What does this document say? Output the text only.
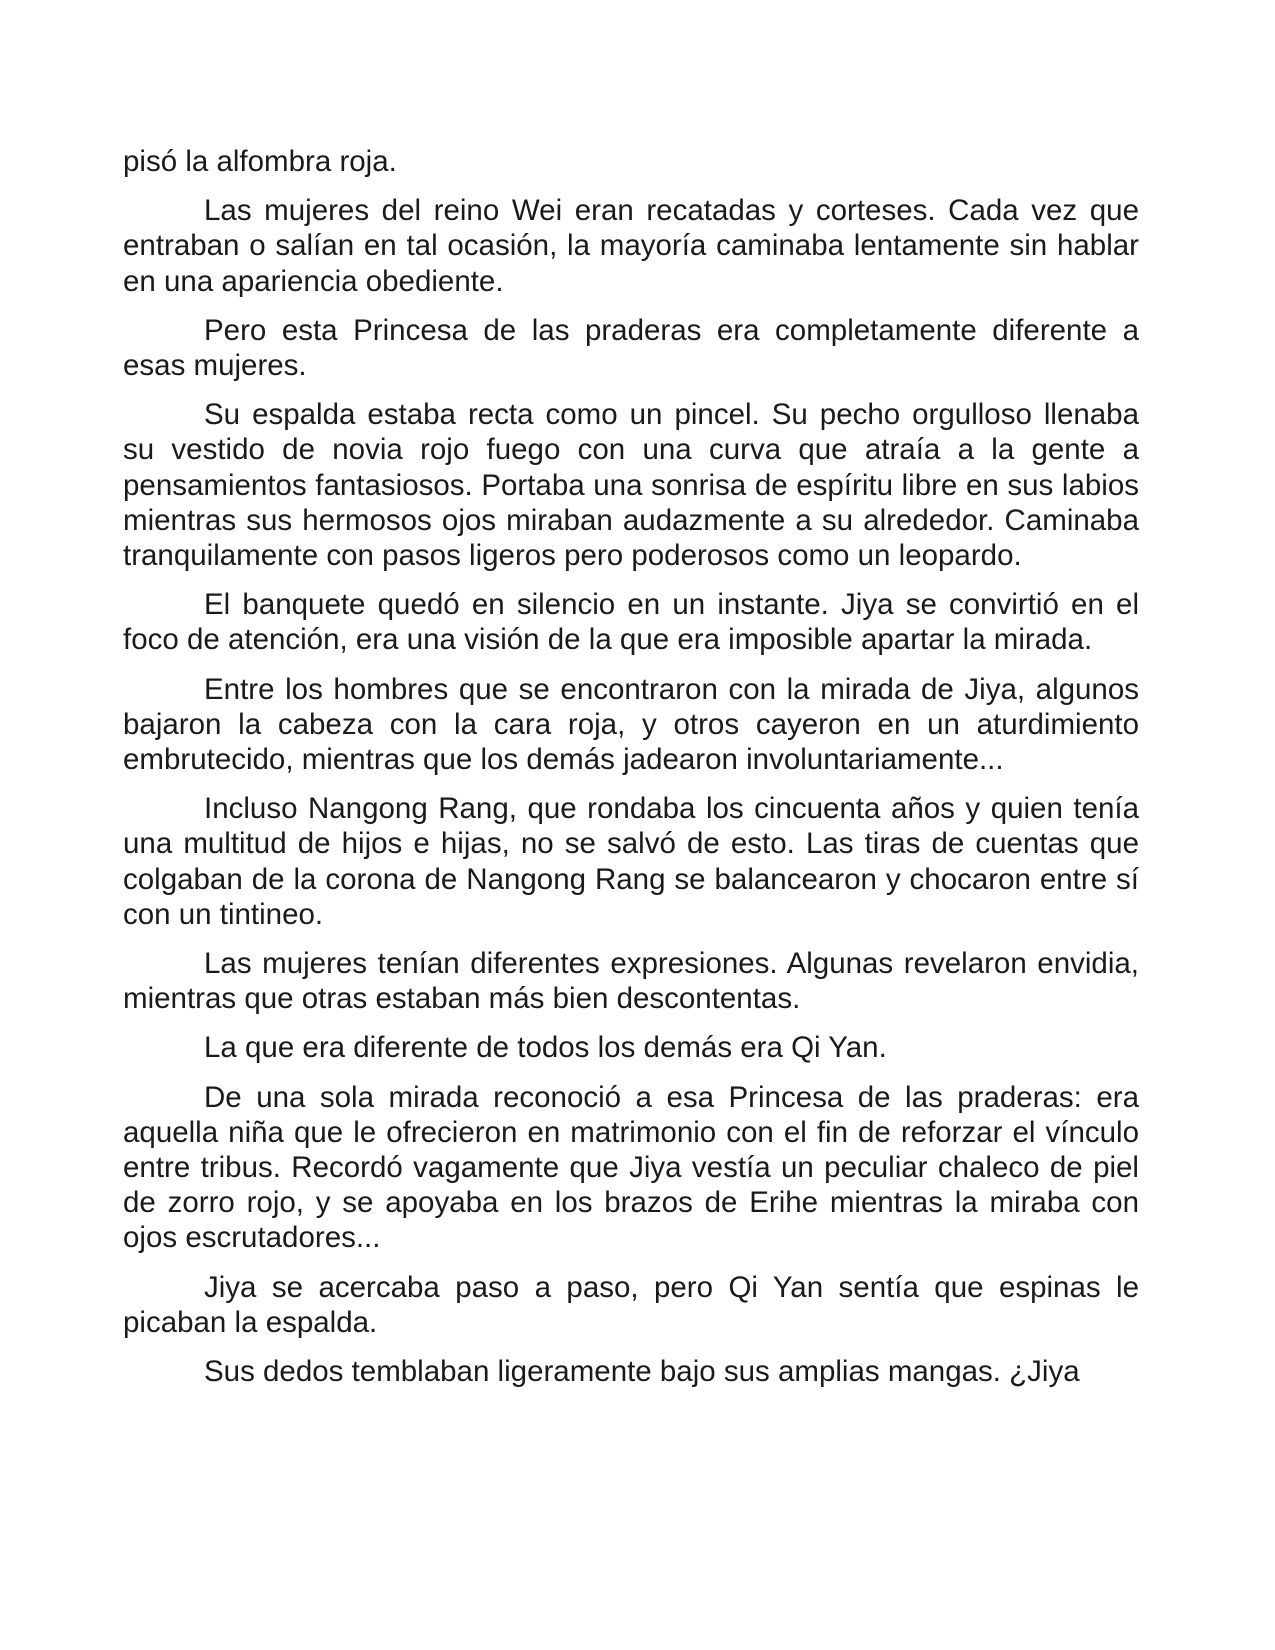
pisó la alfombra roja.

Las mujeres del reino Wei eran recatadas y corteses. Cada vez que entraban o salían en tal ocasión, la mayoría caminaba lentamente sin hablar en una apariencia obediente.

Pero esta Princesa de las praderas era completamente diferente a esas mujeres.

Su espalda estaba recta como un pincel. Su pecho orgulloso llenaba su vestido de novia rojo fuego con una curva que atraía a la gente a pensamientos fantasiosos. Portaba una sonrisa de espíritu libre en sus labios mientras sus hermosos ojos miraban audazmente a su alrededor. Caminaba tranquilamente con pasos ligeros pero poderosos como un leopardo.

El banquete quedó en silencio en un instante. Jiya se convirtió en el foco de atención, era una visión de la que era imposible apartar la mirada.

Entre los hombres que se encontraron con la mirada de Jiya, algunos bajaron la cabeza con la cara roja, y otros cayeron en un aturdimiento embrutecido, mientras que los demás jadearon involuntariamente...

Incluso Nangong Rang, que rondaba los cincuenta años y quien tenía una multitud de hijos e hijas, no se salvó de esto. Las tiras de cuentas que colgaban de la corona de Nangong Rang se balancearon y chocaron entre sí con un tintineo.

Las mujeres tenían diferentes expresiones. Algunas revelaron envidia, mientras que otras estaban más bien descontentas.

La que era diferente de todos los demás era Qi Yan.

De una sola mirada reconoció a esa Princesa de las praderas: era aquella niña que le ofrecieron en matrimonio con el fin de reforzar el vínculo entre tribus. Recordó vagamente que Jiya vestía un peculiar chaleco de piel de zorro rojo, y se apoyaba en los brazos de Erihe mientras la miraba con ojos escrutadores...

Jiya se acercaba paso a paso, pero Qi Yan sentía que espinas le picaban la espalda.

Sus dedos temblaban ligeramente bajo sus amplias mangas. ¿Jiya
